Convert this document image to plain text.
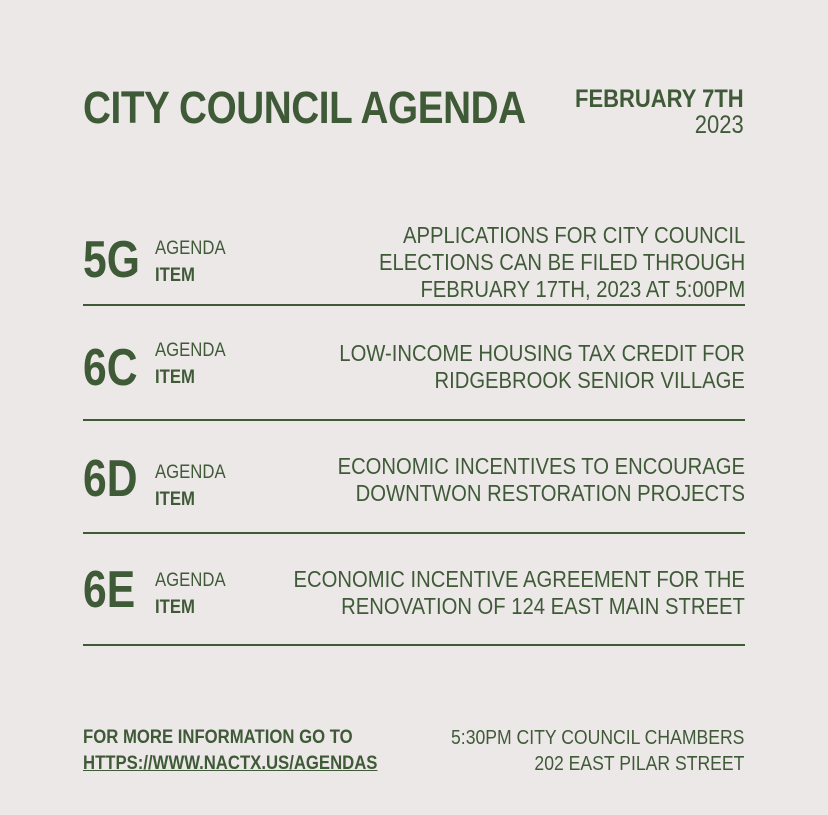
CITY COUNCIL AGENDA FEBRUARY 7TH
2023
5G AGENDA
ITEM
APPLICATIONS FOR CITY COUNCIL
ELECTIONS CAN BE FILED THROUGH
FEBRUARY 17TH, 2023 AT 5:00PM
6C AGENDA
ITEM
LOW-INCOME HOUSING TAX CREDIT FOR
RIDGEBROOK SENIOR VILLAGE
6D AGENDA
ITEM
ECONOMIC INCENTIVES TO ENCOURAGE
DOWNTWON RESTORATION PROJECTS
6E AGENDA
ITEM
ECONOMIC INCENTIVE AGREEMENT FOR THE
RENOVATION OF 124 EAST MAIN STREET
FOR MORE INFORMATION GO TO
HTTPS://WWW.NACTX.US/AGENDAS
5:30PM CITY COUNCIL CHAMBERS
202 EAST PILAR STREET
